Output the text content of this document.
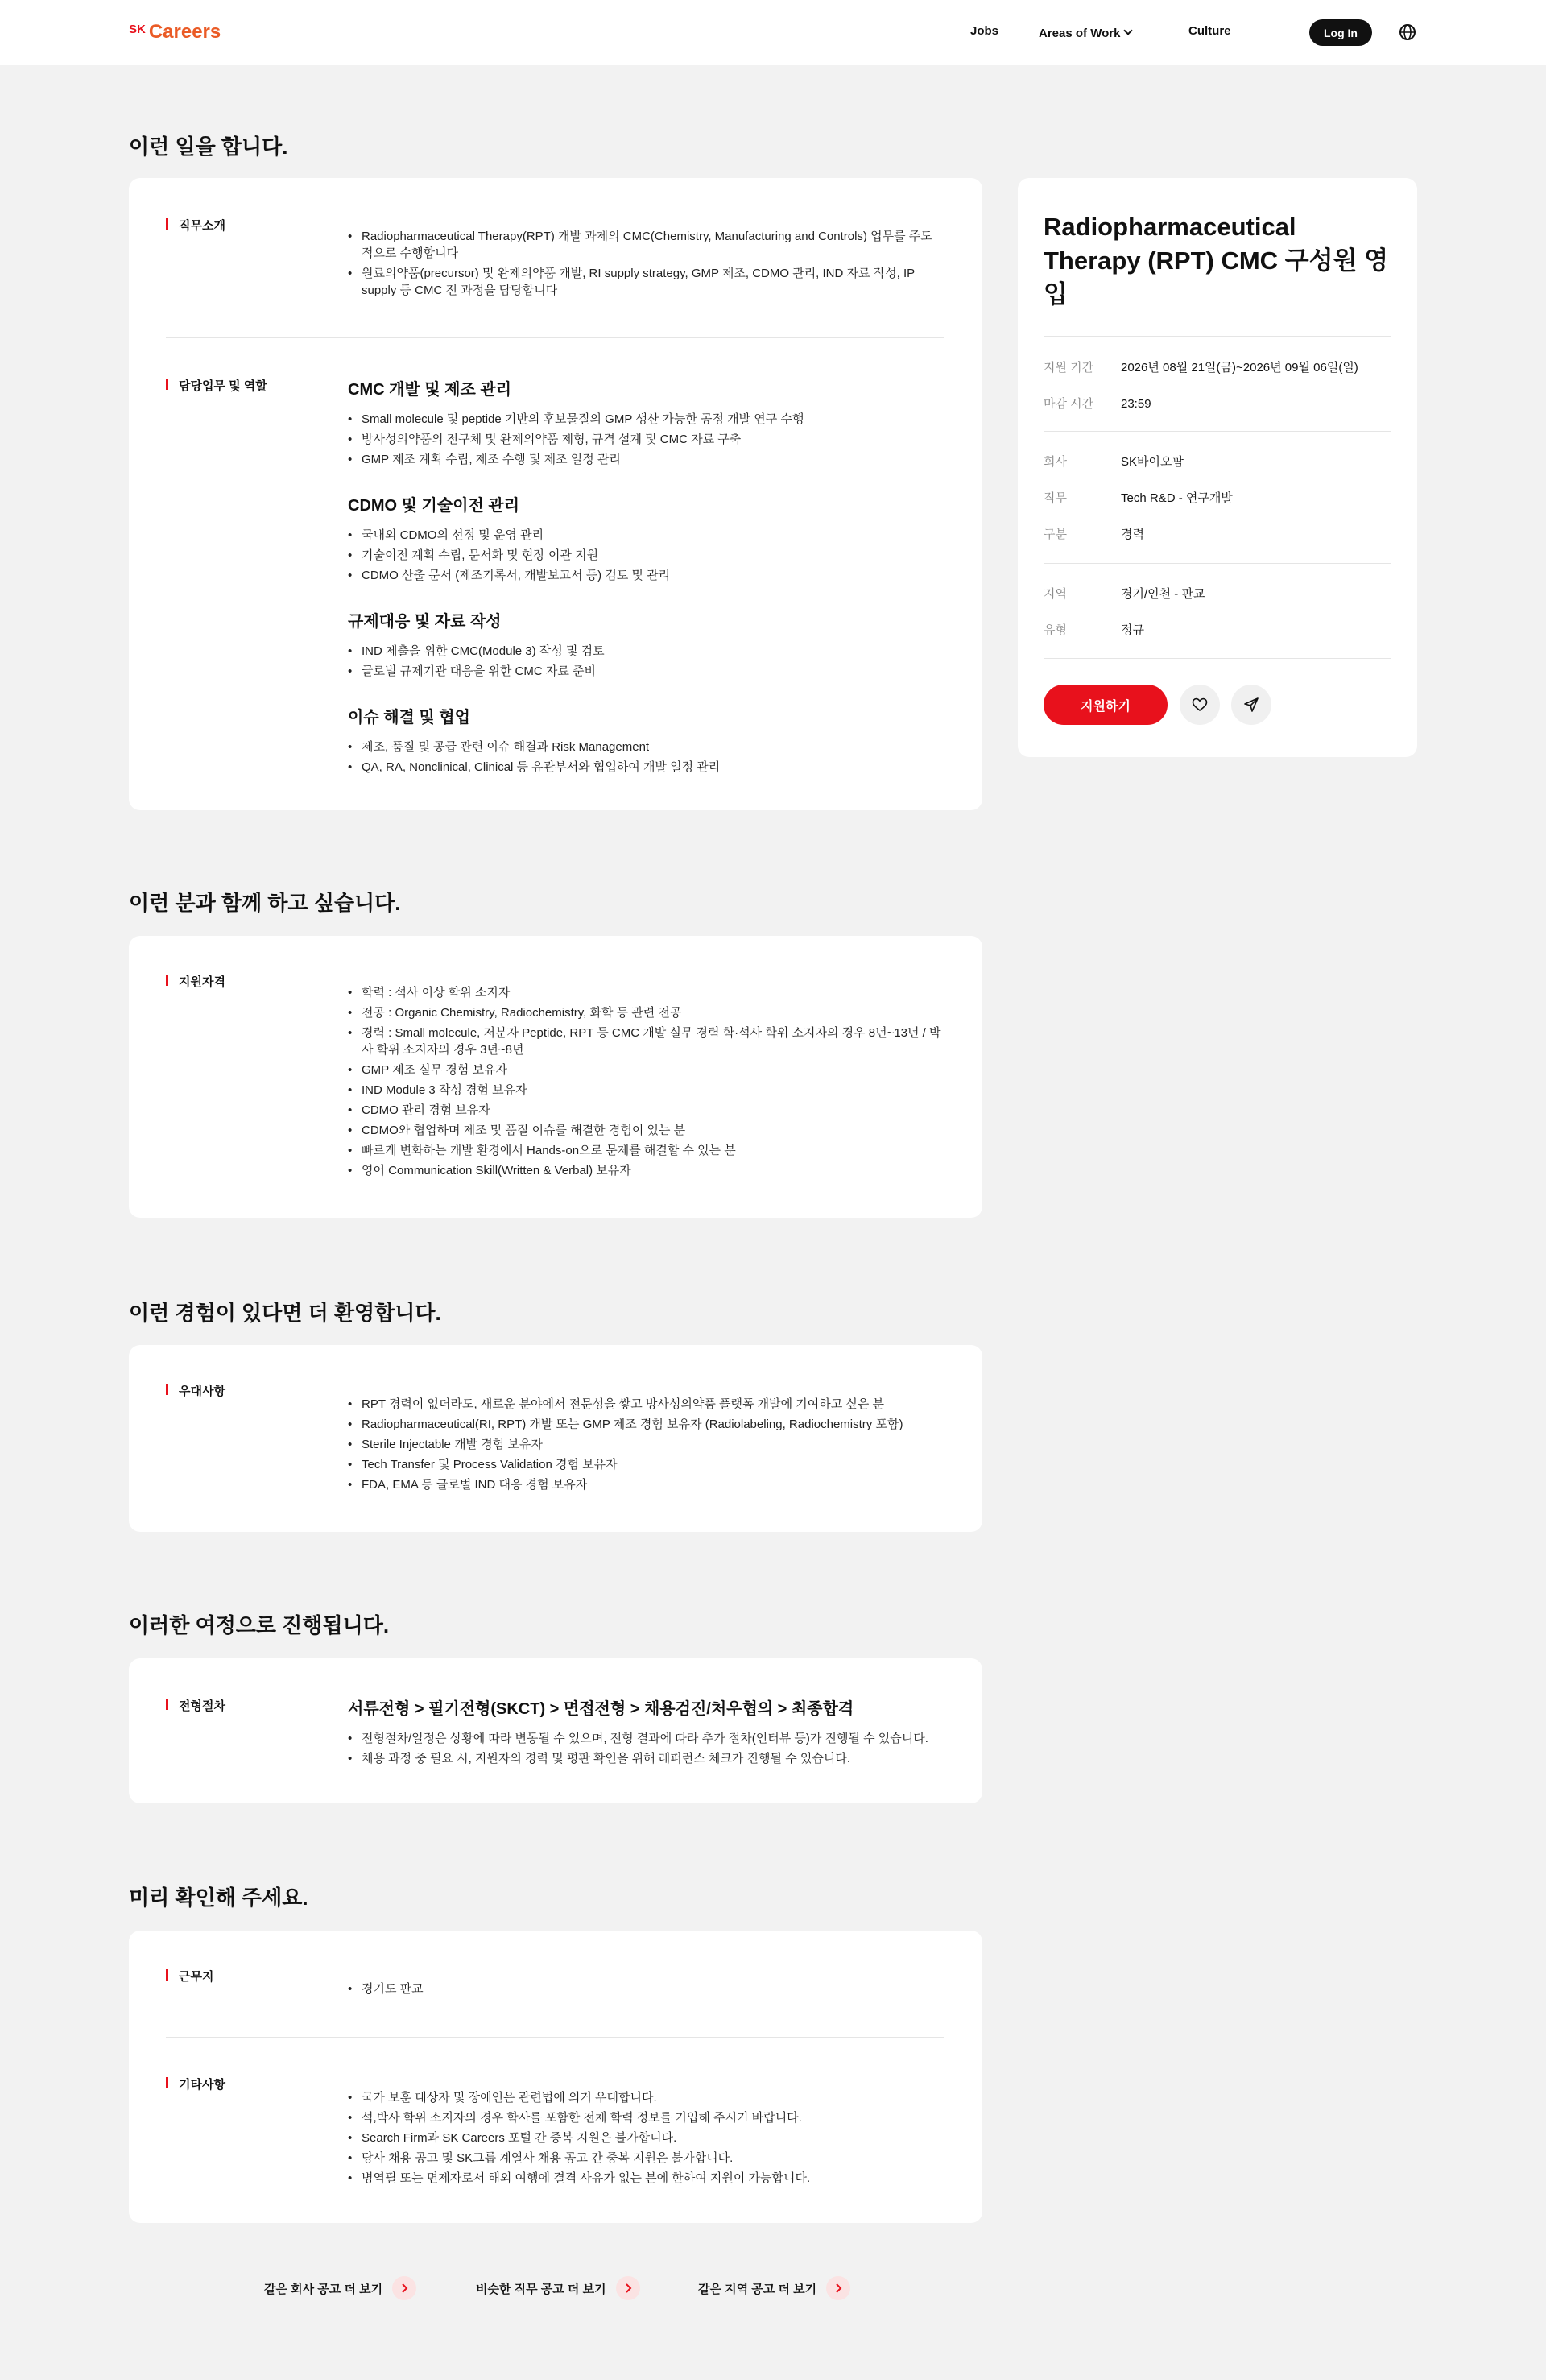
SK Careers	Jobs	Areas of Work	Culture	Log In
이런 일을 합니다.
직무소개
• Radiopharmaceutical Therapy(RPT) 개발 과제의 CMC(Chemistry, Manufacturing and Controls) 업무를 주도적으로 수행합니다
• 원료의약품(precursor) 및 완제의약품 개발, RI supply strategy, GMP 제조, CDMO 관리, IND 자료 작성, IP supply 등 CMC 전 과정을 담당합니다
담당업무 및 역할	CMC 개발 및 제조 관리
• Small molecule 및 peptide 기반의 후보물질의 GMP 생산 가능한 공정 개발 연구 수행
• 방사성의약품의 전구체 및 완제의약품 제형, 규격 설계 및 CMC 자료 구축
• GMP 제조 계획 수립, 제조 수행 및 제조 일정 관리
CDMO 및 기술이전 관리
• 국내외 CDMO의 선정 및 운영 관리
• 기술이전 계획 수립, 문서화 및 현장 이관 지원
• CDMO 산출 문서 (제조기록서, 개발보고서 등) 검토 및 관리
규제대응 및 자료 작성
• IND 제출을 위한 CMC(Module 3) 작성 및 검토
• 글로벌 규제기관 대응을 위한 CMC 자료 준비
이슈 해결 및 협업
• 제조, 품질 및 공급 관련 이슈 해결과 Risk Management
• QA, RA, Nonclinical, Clinical 등 유관부서와 협업하여 개발 일정 관리
Radiopharmaceutical Therapy (RPT) CMC 구성원 영입
지원 기간 2026년 08월 21일(금)~2026년 09월 06일(일)
마감 시간 23:59
회사	SK바이오팜
직무	Tech R&D - 연구개발
구분	경력
지역	경기/인천 - 판교
유형	정규
지원하기
이런 분과 함께 하고 싶습니다.
지원자격
• 학력 : 석사 이상 학위 소지자
• 전공 : Organic Chemistry, Radiochemistry, 화학 등 관련 전공
• 경력 : Small molecule, 저분자 Peptide, RPT 등 CMC 개발 실무 경력 학·석사 학위 소지자의 경우 8년~13년 / 박사 학위 소지자의 경우 3년~8년
• GMP 제조 실무 경험 보유자
• IND Module 3 작성 경험 보유자
• CDMO 관리 경험 보유자
• CDMO와 협업하며 제조 및 품질 이슈를 해결한 경험이 있는 분
• 빠르게 변화하는 개발 환경에서 Hands-on으로 문제를 해결할 수 있는 분
• 영어 Communication Skill(Written & Verbal) 보유자
이런 경험이 있다면 더 환영합니다.
우대사항
• RPT 경력이 없더라도, 새로운 분야에서 전문성을 쌓고 방사성의약품 플랫폼 개발에 기여하고 싶은 분
• Radiopharmaceutical(RI, RPT) 개발 또는 GMP 제조 경험 보유자 (Radiolabeling, Radiochemistry 포함)
• Sterile Injectable 개발 경험 보유자
• Tech Transfer 및 Process Validation 경험 보유자
• FDA, EMA 등 글로벌 IND 대응 경험 보유자
이러한 여정으로 진행됩니다.
전형절차	서류전형 > 필기전형(SKCT) > 면접전형 > 채용검진/처우협의 > 최종합격
• 전형절차/일정은 상황에 따라 변동될 수 있으며, 전형 결과에 따라 추가 절차(인터뷰 등)가 진행될 수 있습니다.
• 채용 과정 중 필요 시, 지원자의 경력 및 평판 확인을 위해 레퍼런스 체크가 진행될 수 있습니다.
미리 확인해 주세요.
근무지
• 경기도 판교
기타사항
• 국가 보훈 대상자 및 장애인은 관련법에 의거 우대합니다.
• 석,박사 학위 소지자의 경우 학사를 포함한 전체 학력 정보를 기입해 주시기 바랍니다.
• Search Firm과 SK Careers 포털 간 중복 지원은 불가합니다.
• 당사 채용 공고 및 SK그룹 계열사 채용 공고 간 중복 지원은 불가합니다.
• 병역필 또는 면제자로서 해외 여행에 결격 사유가 없는 분에 한하여 지원이 가능합니다.
같은 회사 공고 더 보기	비슷한 직무 공고 더 보기	같은 지역 공고 더 보기
